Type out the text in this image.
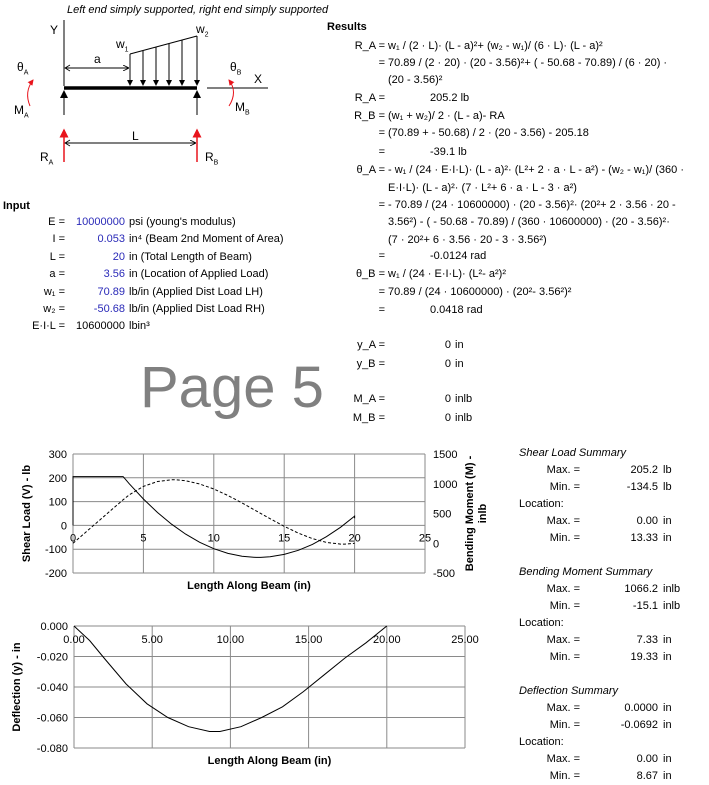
Page 5
Left end simply supported, right end simply supported
Y
X
a
L
$w_1$
$w_2$
$\theta_A$	$\theta_B$
$M_A$
$M_B$
$R_A$	$R_B$
Input
Results
300
200
100
0
-100
-200
0	5	10	15	20	25
1500
1000
500
0
-500
Bending Moment (M) -inlb
Length Along Beam (in)
Shear Load (V) - lb
0.000
-0.020
-0.040
-0.060
-0.080
0.00	5.00	10.00	15.00	20.00	25.00
Length Along Beam (in)
Deflection (y) - in
E =	10000000 psi (young's modulus)
I =	0.053 in⁴ (Beam 2nd Moment of Area)
L =	20 in (Total Length of Beam)
a =	3.56 in (Location of Applied Load)
w₁ =	70.89 lb/in (Applied Dist Load LH)
w₂ =	-50.68 lb/in (Applied Dist Load RH)
E·I·L =	10600000 lbin³
R_A = w₁ / (2 · L)· (L - a)²+ (w₂ - w₁)/ (6 · L)· (L - a)²
= 70.89 / (2 · 20) · (20 - 3.56)²+ ( - 50.68 - 70.89) / (6 · 20) ·
(20 - 3.56)²
R_A =	205.2 lb
R_B = (w₁ + w₂)/ 2 · (L - a)- RA
= (70.89 + - 50.68) / 2 · (20 - 3.56) - 205.18
=	-39.1 lb
θ_A = - w₁ / (24 · E·I·L)· (L - a)²· (L²+ 2 · a · L - a²) - (w₂ - w₁)/ (360 ·
E·I·L)· (L - a)²· (7 · L²+ 6 · a · L - 3 · a²)
= - 70.89 / (24 · 10600000) · (20 - 3.56)²· (20²+ 2 · 3.56 · 20 -
3.56²) - ( - 50.68 - 70.89) / (360 · 10600000) · (20 - 3.56)²·
(7 · 20²+ 6 · 3.56 · 20 - 3 · 3.56²)
=	-0.0124 rad
θ_B = w₁ / (24 · E·I·L)· (L²- a²)²
= 70.89 / (24 · 10600000) · (20²- 3.56²)²
=	0.0418 rad
y_A =	0 in
y_B =	0 in
M_A =	0 inlb
M_B =	0 inlb
Shear Load Summary
Max. =	205.2 lb
Min. =	-134.5 lb
Location:
Max. =	0.00 in
Min. =	13.33 in
Bending Moment Summary
Max. =	1066.2 inlb
Min. =	-15.1 inlb
Location:
Max. =	7.33 in
Min. =	19.33 in
Deflection Summary
Max. =	0.0000 in
Min. =	-0.0692 in
Location:
Max. =	0.00 in
Min. =	8.67 in
